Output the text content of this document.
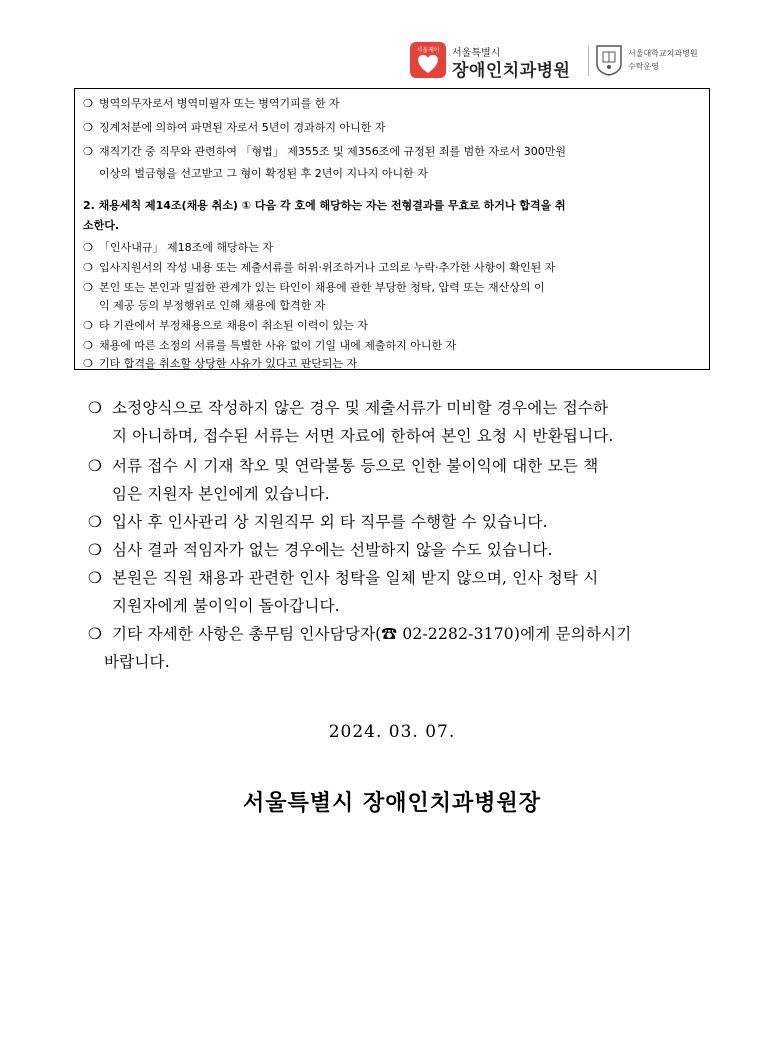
서울케어 서울특별시
장애인치과병원
서울대학교치과병원
수탁운영
❍ 병역의무자로서 병역미필자 또는 병역기피를 한 자
❍ 징계처분에 의하여 파면된 자로서 5년이 경과하지 아니한 자
❍ 재직기간 중 직무와 관련하여 「형법」 제355조 및 제356조에 규정된 죄를 범한 자로서 300만원
이상의 벌금형을 선고받고 그 형이 확정된 후 2년이 지나지 아니한 자
2. 채용세칙 제14조(채용 취소) ① 다음 각 호에 해당하는 자는 전형결과를 무효로 하거나 합격을 취
소한다.
❍ 「인사내규」 제18조에 해당하는 자
❍ 입사지원서의 작성 내용 또는 제출서류를 허위·위조하거나 고의로 누락·추가한 사항이 확인된 자
❍ 본인 또는 본인과 밀접한 관계가 있는 타인이 채용에 관한 부당한 청탁, 압력 또는 재산상의 이
익 제공 등의 부정행위로 인해 채용에 합격한 자
❍ 타 기관에서 부정채용으로 채용이 취소된 이력이 있는 자
❍ 채용에 따른 소정의 서류를 특별한 사유 없이 기일 내에 제출하지 아니한 자
❍ 기타 합격을 취소할 상당한 사유가 있다고 판단되는 자
❍ 소정양식으로 작성하지 않은 경우 및 제출서류가 미비할 경우에는 접수하
지 아니하며, 접수된 서류는 서면 자료에 한하여 본인 요청 시 반환됩니다.
❍ 서류 접수 시 기재 착오 및 연락불통 등으로 인한 불이익에 대한 모든 책
임은 지원자 본인에게 있습니다.
❍ 입사 후 인사관리 상 지원직무 외 타 직무를 수행할 수 있습니다.
❍ 심사 결과 적임자가 없는 경우에는 선발하지 않을 수도 있습니다.
❍ 본원은 직원 채용과 관련한 인사 청탁을 일체 받지 않으며, 인사 청탁 시
지원자에게 불이익이 돌아갑니다.
❍ 기타 자세한 사항은 총무팀 인사담당자(☎ 02-2282-3170)에게 문의하시기
바랍니다.
2024. 03. 07.
서울특별시 장애인치과병원장
